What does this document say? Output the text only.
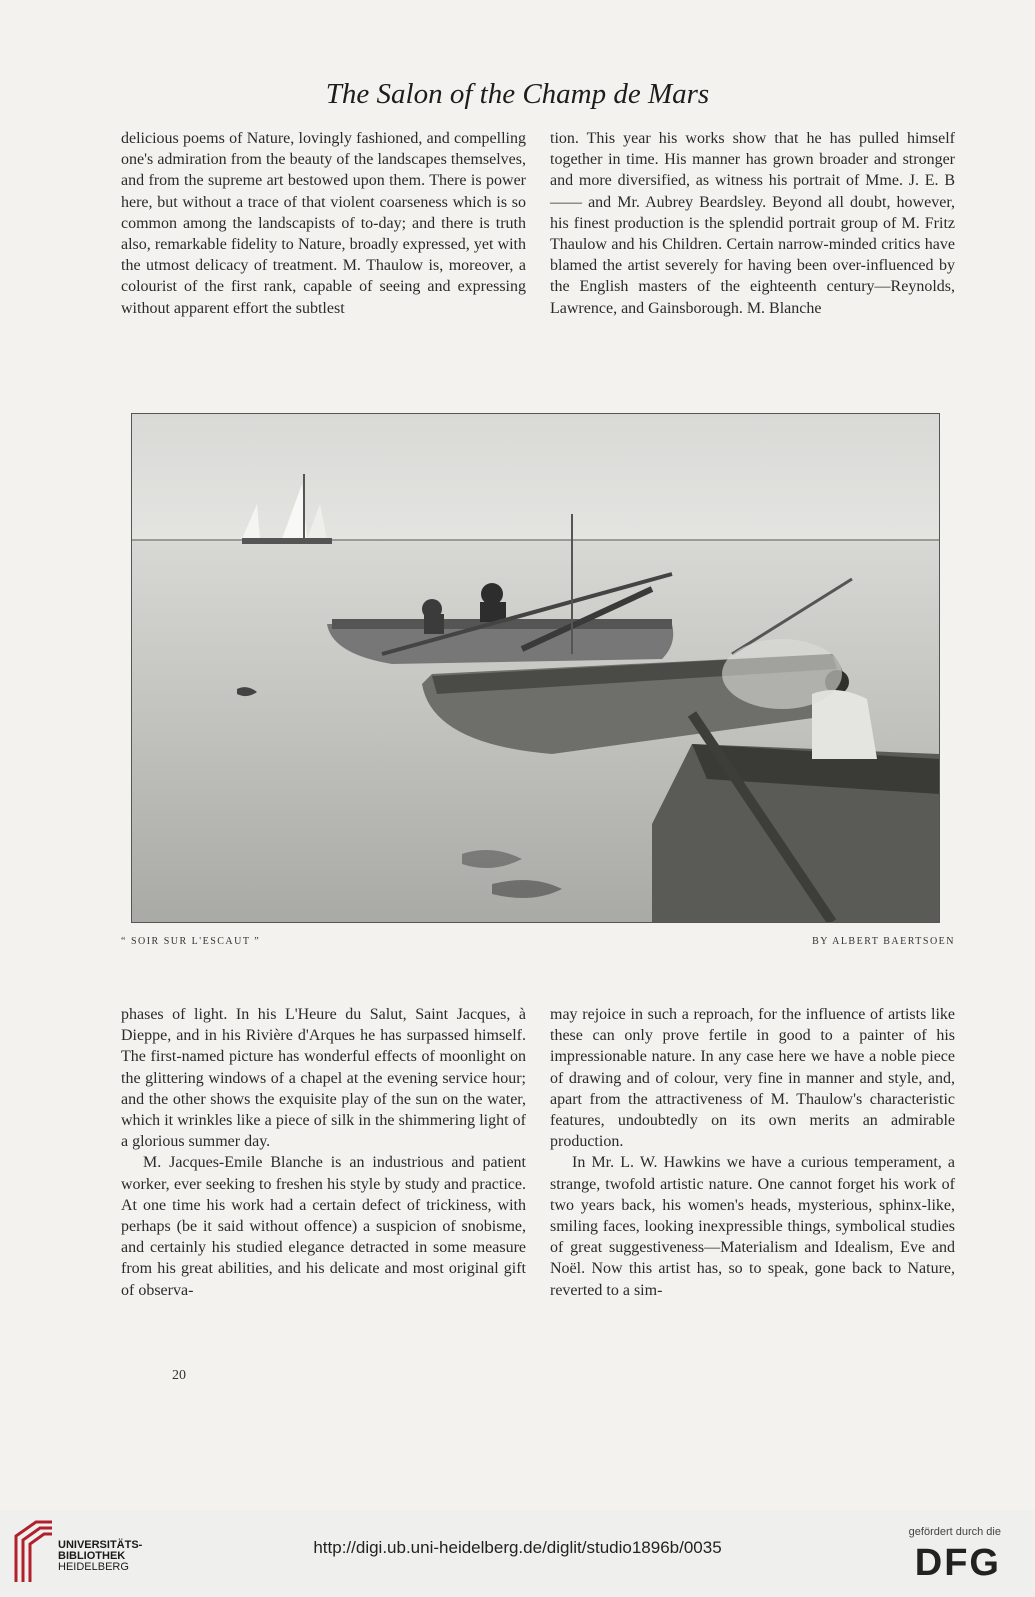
The Salon of the Champ de Mars

delicious poems of Nature, lovingly fashioned, and compelling one's admiration from the beauty of the landscapes themselves, and from the supreme art bestowed upon them. There is power here, but without a trace of that violent coarseness which is so common among the landscapists of to-day; and there is truth also, remarkable fidelity to Nature, broadly expressed, yet with the utmost delicacy of treatment. M. Thaulow is, moreover, a colourist of the first rank, capable of seeing and expressing without apparent effort the subtlest

tion. This year his works show that he has pulled himself together in time. His manner has grown broader and stronger and more diversified, as witness his portrait of Mme. J. E. B—— and Mr. Aubrey Beardsley. Beyond all doubt, however, his finest production is the splendid portrait group of M. Fritz Thaulow and his Children. Certain narrow-minded critics have blamed the artist severely for having been over-influenced by the English masters of the eighteenth century—Reynolds, Lawrence, and Gainsborough. M. Blanche

“ SOIR SUR L'ESCAUT ”	BY ALBERT BAERTSOEN

phases of light. In his L'Heure du Salut, Saint Jacques, à Dieppe, and in his Rivière d'Arques he has surpassed himself. The first-named picture has wonderful effects of moonlight on the glittering windows of a chapel at the evening service hour; and the other shows the exquisite play of the sun on the water, which it wrinkles like a piece of silk in the shimmering light of a glorious summer day.

M. Jacques-Emile Blanche is an industrious and patient worker, ever seeking to freshen his style by study and practice. At one time his work had a certain defect of trickiness, with perhaps (be it said without offence) a suspicion of snobisme, and certainly his studied elegance detracted in some measure from his great abilities, and his delicate and most original gift of observa-

may rejoice in such a reproach, for the influence of artists like these can only prove fertile in good to a painter of his impressionable nature. In any case here we have a noble piece of drawing and of colour, very fine in manner and style, and, apart from the attractiveness of M. Thaulow's characteristic features, undoubtedly on its own merits an admirable production.

In Mr. L. W. Hawkins we have a curious temperament, a strange, twofold artistic nature. One cannot forget his work of two years back, his women's heads, mysterious, sphinx-like, smiling faces, looking inexpressible things, symbolical studies of great suggestiveness—Materialism and Idealism, Eve and Noël. Now this artist has, so to speak, gone back to Nature, reverted to a sim-

20
UNIVERSITÄTS-
BIBLIOTHEK
HEIDELBERG
http://digi.ub.uni-heidelberg.de/diglit/studio1896b/0035
gefördert durch die
DFG
